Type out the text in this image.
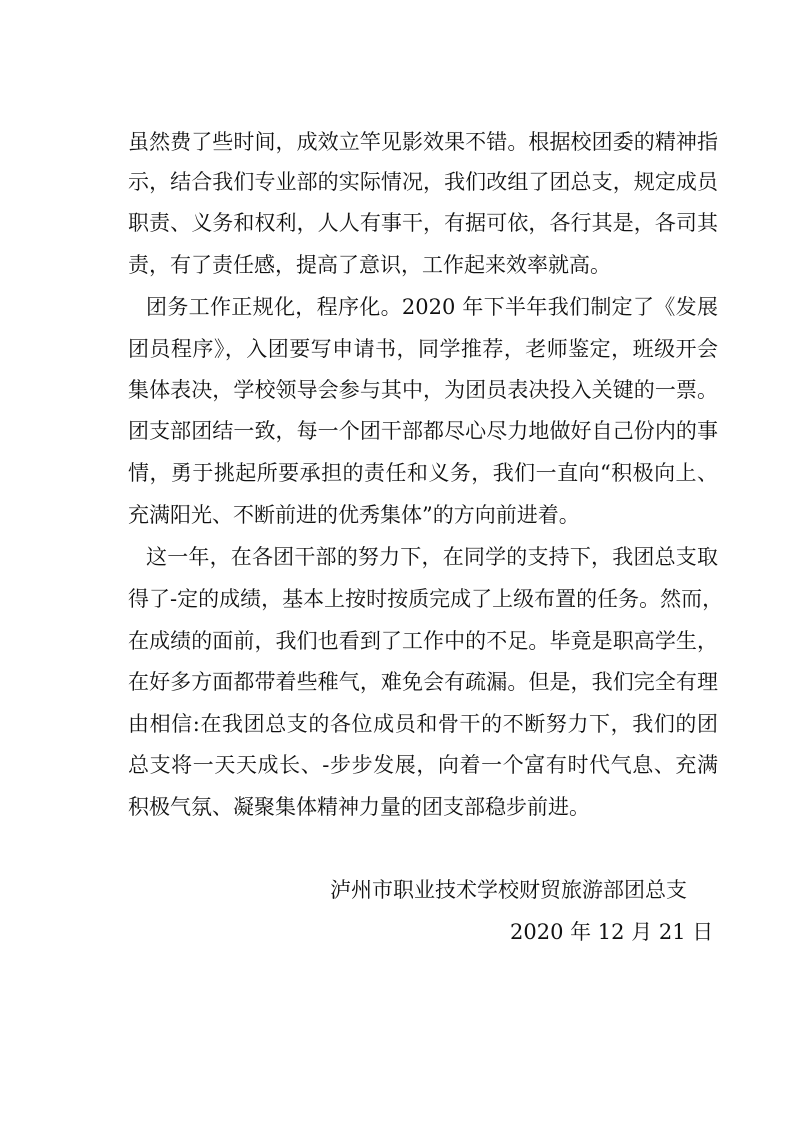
虽然费了些时间，成效立竿见影效果不错。根据校团委的精神指
示，结合我们专业部的实际情况，我们改组了团总支，规定成员
职责、义务和权利，人人有事干，有据可依，各行其是，各司其
责，有了责任感，提高了意识，工作起来效率就高。
团务工作正规化，程序化。2020 年下半年我们制定了《发展
团员程序》，入团要写申请书，同学推荐，老师鉴定，班级开会
集体表决，学校领导会参与其中，为团员表决投入关键的一票。
团支部团结一致，每一个团干部都尽心尽力地做好自己份内的事
情，勇于挑起所要承担的责任和义务，我们一直向“积极向上、
充满阳光、不断前进的优秀集体”的方向前进着。
这一年，在各团干部的努力下，在同学的支持下，我团总支取
得了-定的成绩，基本上按时按质完成了上级布置的任务。然而，
在成绩的面前，我们也看到了工作中的不足。毕竟是职高学生，
在好多方面都带着些稚气，难免会有疏漏。但是，我们完全有理
由相信:在我团总支的各位成员和骨干的不断努力下，我们的团
总支将一天天成长、-步步发展，向着一个富有时代气息、充满
积极气氛、凝聚集体精神力量的团支部稳步前进。
泸州市职业技术学校财贸旅游部团总支
2020 年 12 月 21 日
